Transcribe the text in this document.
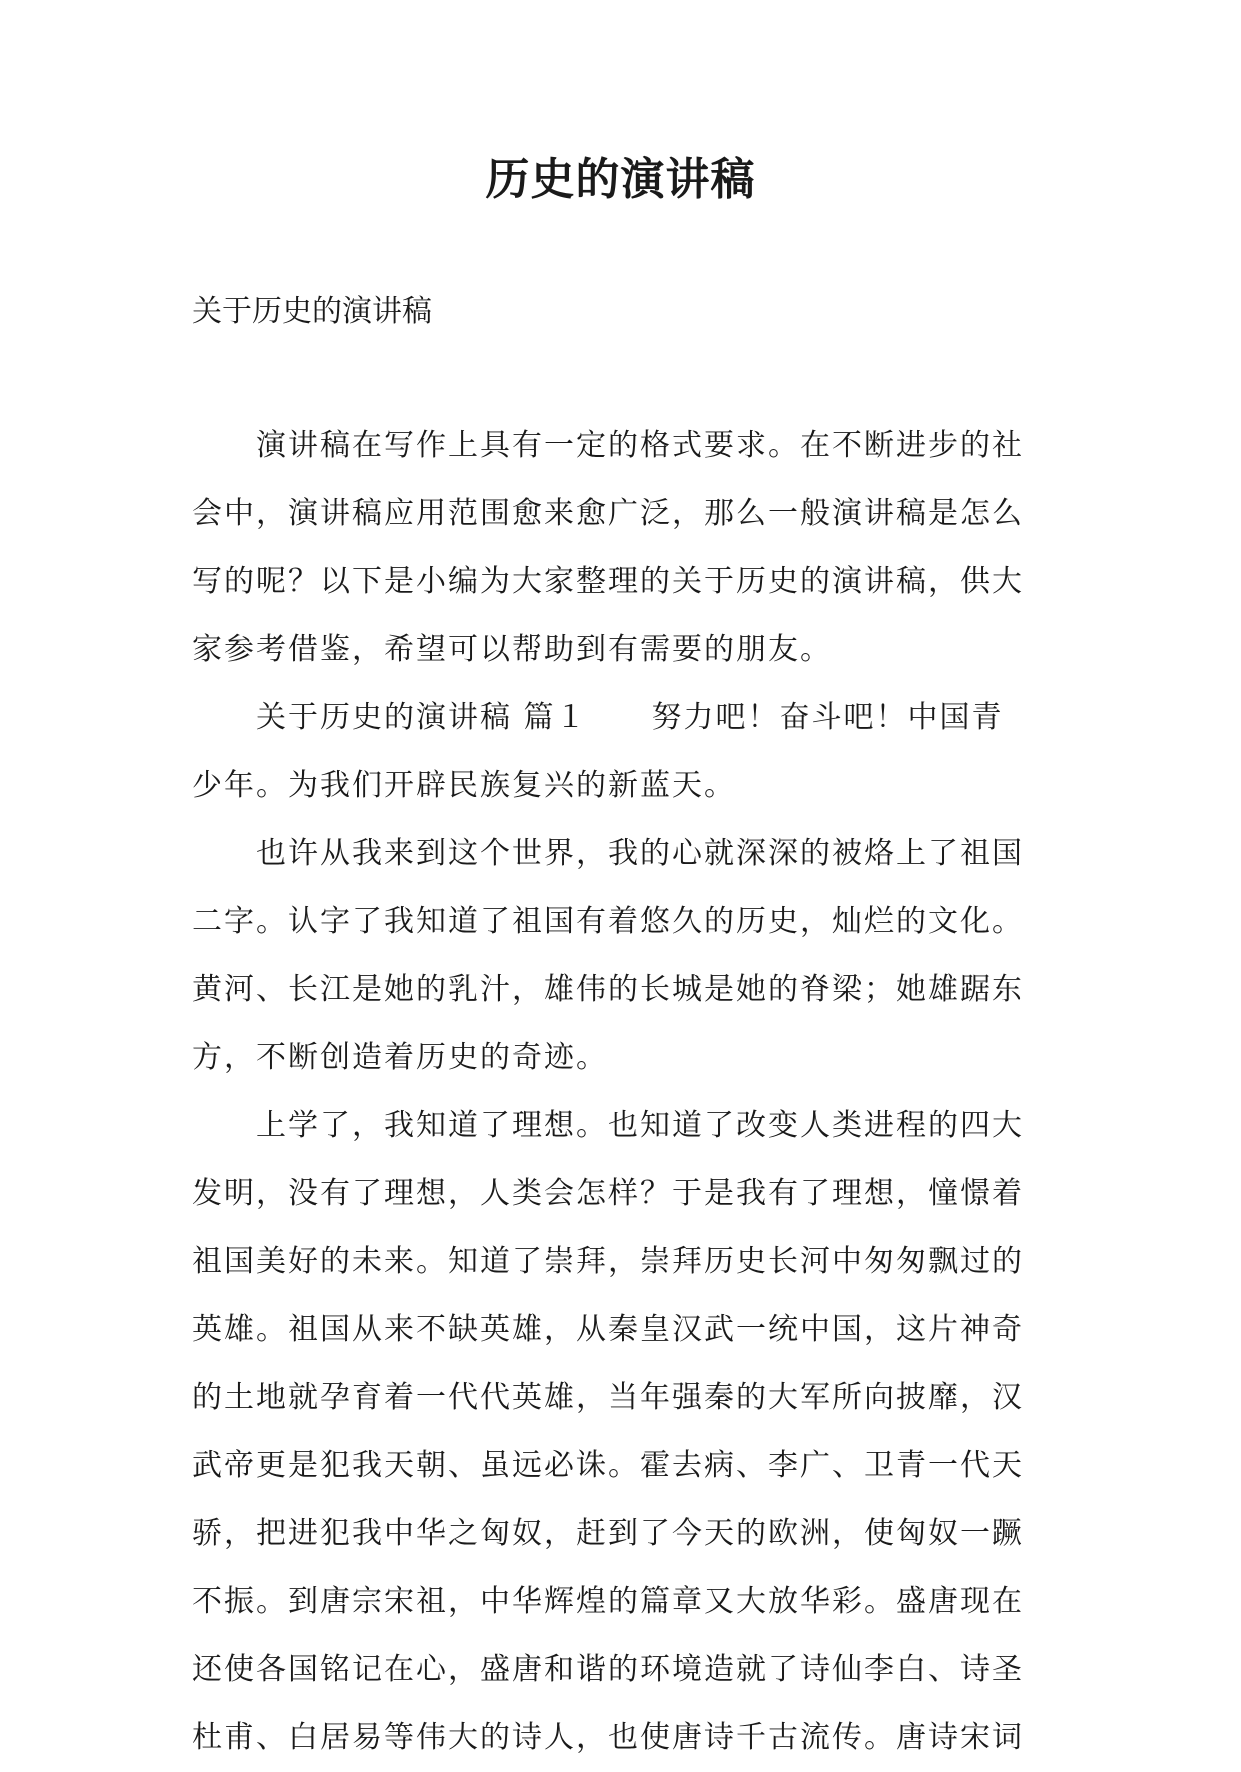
历史的演讲稿
关于历史的演讲稿
演讲稿在写作上具有一定的格式要求。在不断进步的社
会中，演讲稿应用范围愈来愈广泛，那么一般演讲稿是怎么
写的呢？以下是小编为大家整理的关于历史的演讲稿，供大
家参考借鉴，希望可以帮助到有需要的朋友。
关于历史的演讲稿 篇１　　努力吧！奋斗吧！中国青
少年。为我们开辟民族复兴的新蓝天。
也许从我来到这个世界，我的心就深深的被烙上了祖国
二字。认字了我知道了祖国有着悠久的历史，灿烂的文化。
黄河、长江是她的乳汁，雄伟的长城是她的脊梁；她雄踞东
方，不断创造着历史的奇迹。
上学了，我知道了理想。也知道了改变人类进程的四大
发明，没有了理想，人类会怎样？于是我有了理想，憧憬着
祖国美好的未来。知道了崇拜，崇拜历史长河中匆匆飘过的
英雄。祖国从来不缺英雄，从秦皇汉武一统中国，这片神奇
的土地就孕育着一代代英雄，当年强秦的大军所向披靡，汉
武帝更是犯我天朝、虽远必诛。霍去病、李广、卫青一代天
骄，把进犯我中华之匈奴，赶到了今天的欧洲，使匈奴一蹶
不振。到唐宗宋祖，中华辉煌的篇章又大放华彩。盛唐现在
还使各国铭记在心，盛唐和谐的环境造就了诗仙李白、诗圣
杜甫、白居易等伟大的诗人，也使唐诗千古流传。唐诗宋词
